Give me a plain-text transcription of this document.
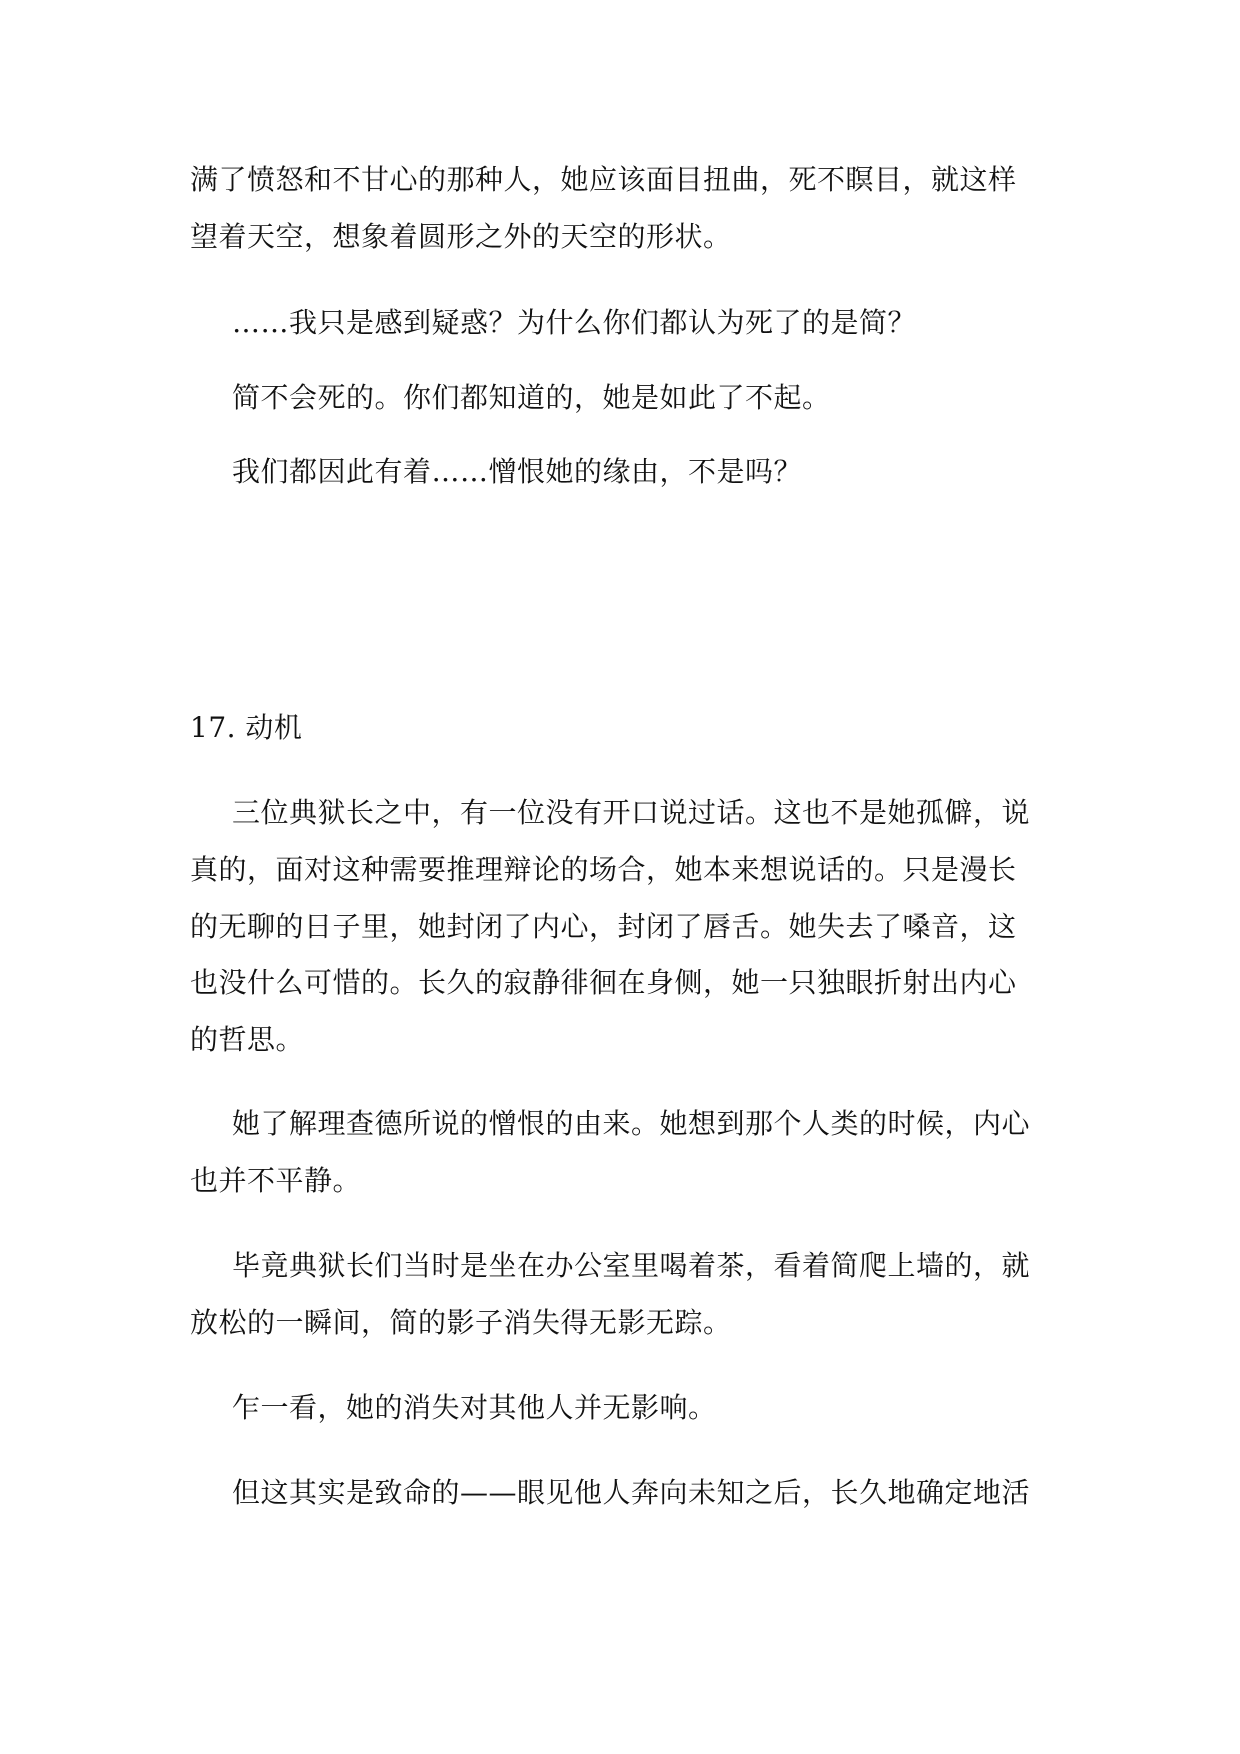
满了愤怒和不甘心的那种人，她应该面目扭曲，死不瞑目，就这样
望着天空，想象着圆形之外的天空的形状。
……我只是感到疑惑？为什么你们都认为死了的是简？
简不会死的。你们都知道的，她是如此了不起。
我们都因此有着……憎恨她的缘由，不是吗？
17. 动机
三位典狱长之中，有一位没有开口说过话。这也不是她孤僻，说
真的，面对这种需要推理辩论的场合，她本来想说话的。只是漫长
的无聊的日子里，她封闭了内心，封闭了唇舌。她失去了嗓音，这
也没什么可惜的。长久的寂静徘徊在身侧，她一只独眼折射出内心
的哲思。
她了解理查德所说的憎恨的由来。她想到那个人类的时候，内心
也并不平静。
毕竟典狱长们当时是坐在办公室里喝着茶，看着简爬上墙的，就
放松的一瞬间，简的影子消失得无影无踪。
乍一看，她的消失对其他人并无影响。
但这其实是致命的——眼见他人奔向未知之后，长久地确定地活
